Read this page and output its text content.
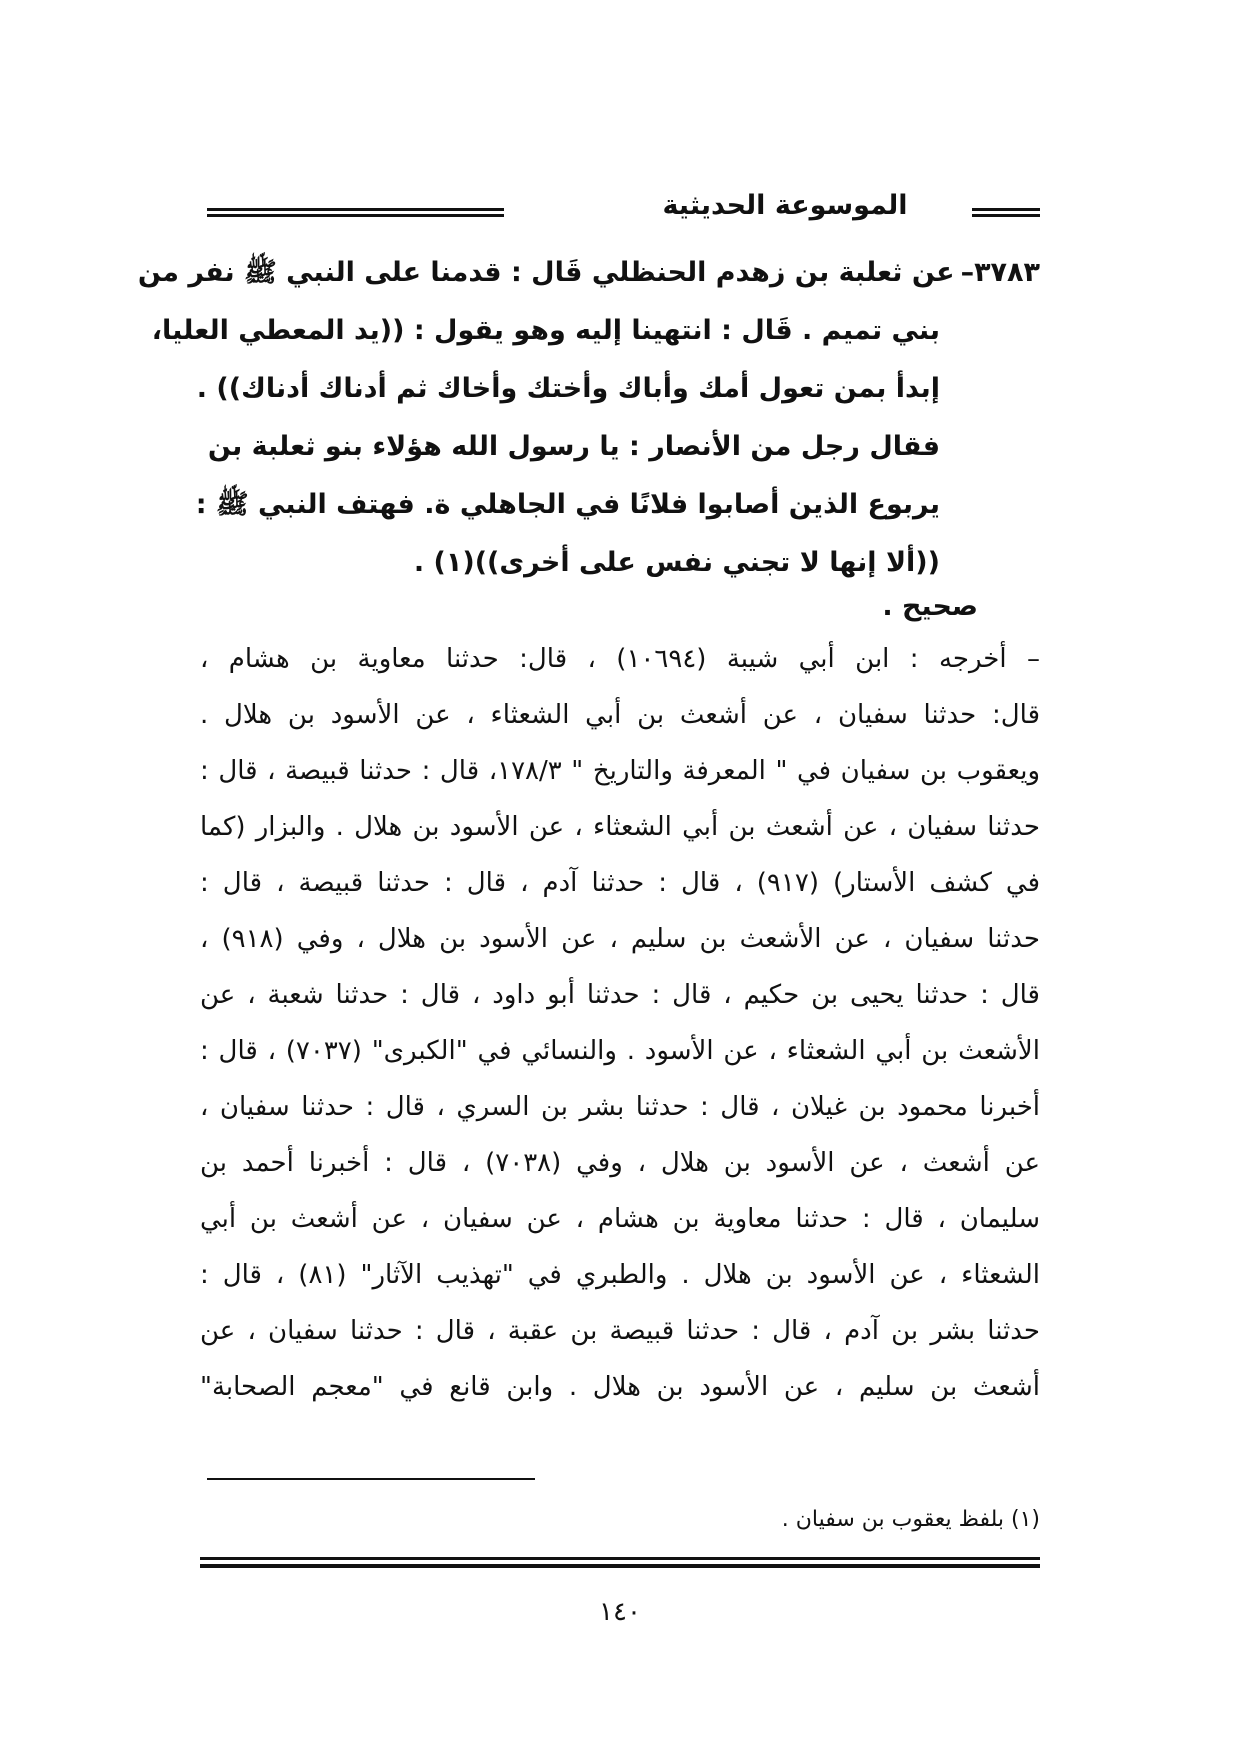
الموسوعة الحديثية
٣٧٨٣–عن ثعلبة بن زهدم الحنظلي قَال : قدمنا على النبي ﷺ نفر من
بني تميم . قَال : انتهينا إليه وهو يقول : ((يد المعطي العليا،
إبدأ بمن تعول أمك وأباك وأختك وأخاك ثم أدناك أدناك)) .
فقال رجل من الأنصار : يا رسول الله هؤلاء بنو ثعلبة بن
يربوع الذين أصابوا فلانًا في الجاهلي ة. فهتف النبي ﷺ :
((ألا إنها لا تجني نفس على أخرى))(١) .
صحيح .
– أخرجه : ابن أبي شيبة (١٠٦٩٤) ، قال: حدثنا معاوية بن هشام ،
قال: حدثنا سفيان ، عن أشعث بن أبي الشعثاء ، عن الأسود بن هلال .
ويعقوب بن سفيان في " المعرفة والتاريخ " ١٧٨/٣، قال : حدثنا قبيصة ، قال :
حدثنا سفيان ، عن أشعث بن أبي الشعثاء ، عن الأسود بن هلال . والبزار (كما
في كشف الأستار) (٩١٧) ، قال : حدثنا آدم ، قال : حدثنا قبيصة ، قال :
حدثنا سفيان ، عن الأشعث بن سليم ، عن الأسود بن هلال ، وفي (٩١٨) ،
قال : حدثنا يحيى بن حكيم ، قال : حدثنا أبو داود ، قال : حدثنا شعبة ، عن
الأشعث بن أبي الشعثاء ، عن الأسود . والنسائي في "الكبرى" (٧٠٣٧) ، قال :
أخبرنا محمود بن غيلان ، قال : حدثنا بشر بن السري ، قال : حدثنا سفيان ،
عن أشعث ، عن الأسود بن هلال ، وفي (٧٠٣٨) ، قال : أخبرنا أحمد بن
سليمان ، قال : حدثنا معاوية بن هشام ، عن سفيان ، عن أشعث بن أبي
الشعثاء ، عن الأسود بن هلال . والطبري في "تهذيب الآثار" (٨١) ، قال :
حدثنا بشر بن آدم ، قال : حدثنا قبيصة بن عقبة ، قال : حدثنا سفيان ، عن
أشعث بن سليم ، عن الأسود بن هلال . وابن قانع في "معجم الصحابة"
(١) بلفظ يعقوب بن سفيان .
١٤٠
